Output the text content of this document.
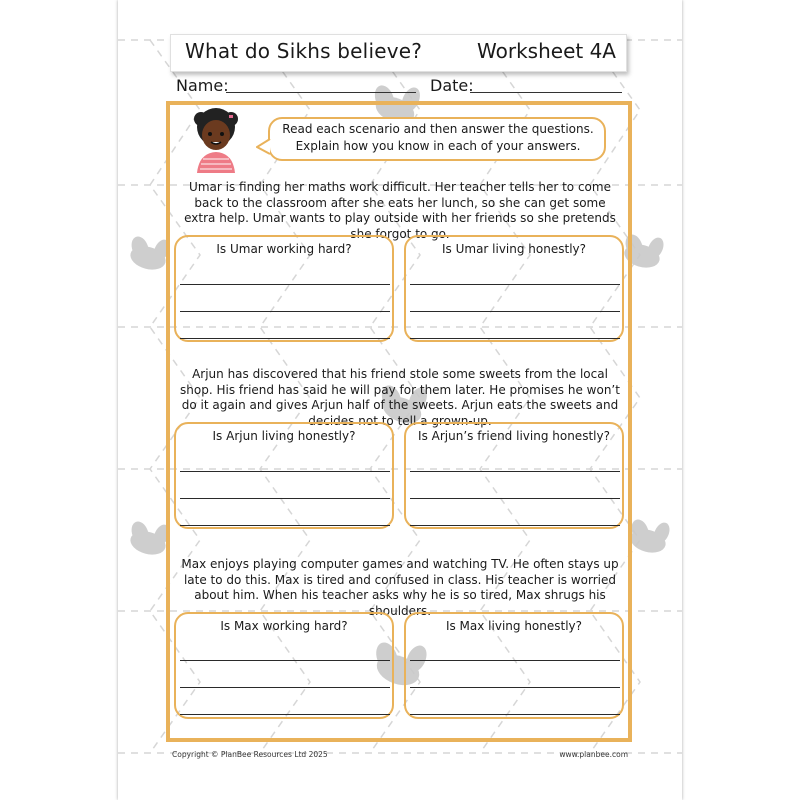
What do Sikhs believe?	Worksheet 4A
Name:	Date:
Read each scenario and then answer the questions. Explain how you know in each of your answers.
Umar is finding her maths work difficult. Her teacher tells her to come back to the classroom after she eats her lunch, so she can get some extra help. Umar wants to play outside with her friends so she pretends she forgot to go.
Is Umar working hard?	Is Umar living honestly?
Arjun has discovered that his friend stole some sweets from the local shop. His friend has said he will pay for them later. He promises he won’t do it again and gives Arjun half of the sweets. Arjun eats the sweets and decides not to tell a grown-up.
Is Arjun living honestly?	Is Arjun’s friend living honestly?
Max enjoys playing computer games and watching TV. He often stays up late to do this. Max is tired and confused in class. His teacher is worried about him. When his teacher asks why he is so tired, Max shrugs his shoulders.
Is Max working hard?	Is Max living honestly?
Copyright © PlanBee Resources Ltd 2025	www.planbee.com
